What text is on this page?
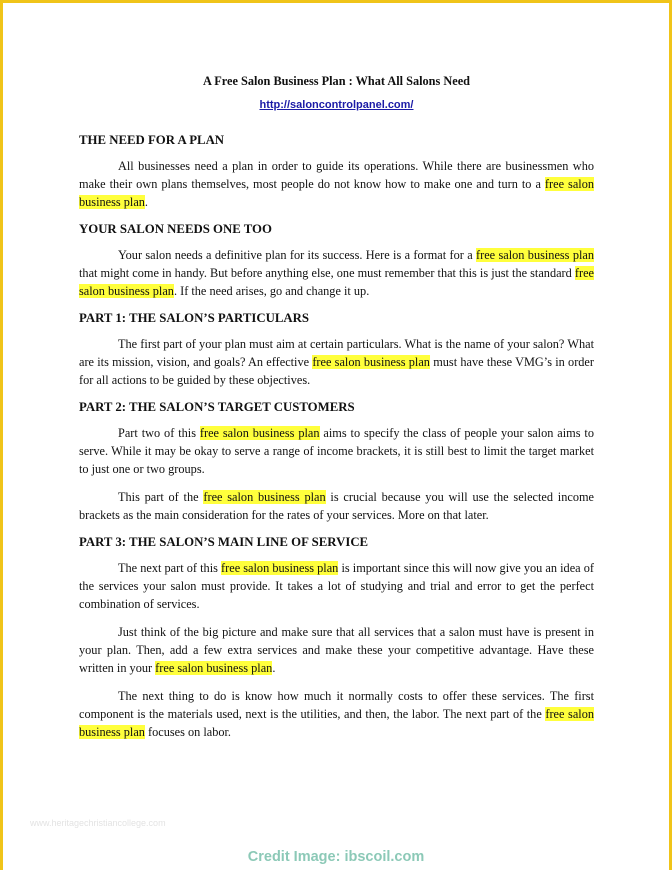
A Free Salon Business Plan : What All Salons Need
http://saloncontrolpanel.com/
THE NEED FOR A PLAN

All businesses need a plan in order to guide its operations. While there are businessmen who make their own plans themselves, most people do not know how to make one and turn to a free salon business plan.

YOUR SALON NEEDS ONE TOO

Your salon needs a definitive plan for its success. Here is a format for a free salon business plan that might come in handy. But before anything else, one must remember that this is just the standard free salon business plan. If the need arises, go and change it up.

PART 1: THE SALON’S PARTICULARS

The first part of your plan must aim at certain particulars. What is the name of your salon? What are its mission, vision, and goals? An effective free salon business plan must have these VMG’s in order for all actions to be guided by these objectives.

PART 2: THE SALON’S TARGET CUSTOMERS

Part two of this free salon business plan aims to specify the class of people your salon aims to serve. While it may be okay to serve a range of income brackets, it is still best to limit the target market to just one or two groups.

This part of the free salon business plan is crucial because you will use the selected income brackets as the main consideration for the rates of your services. More on that later.

PART 3: THE SALON’S MAIN LINE OF SERVICE

The next part of this free salon business plan is important since this will now give you an idea of the services your salon must provide. It takes a lot of studying and trial and error to get the perfect combination of services.

Just think of the big picture and make sure that all services that a salon must have is present in your plan. Then, add a few extra services and make these your competitive advantage. Have these written in your free salon business plan.

The next thing to do is know how much it normally costs to offer these services. The first component is the materials used, next is the utilities, and then, the labor. The next part of the free salon business plan focuses on labor.

www.heritagechristiancollege.com
Credit Image: ibscoil.com
